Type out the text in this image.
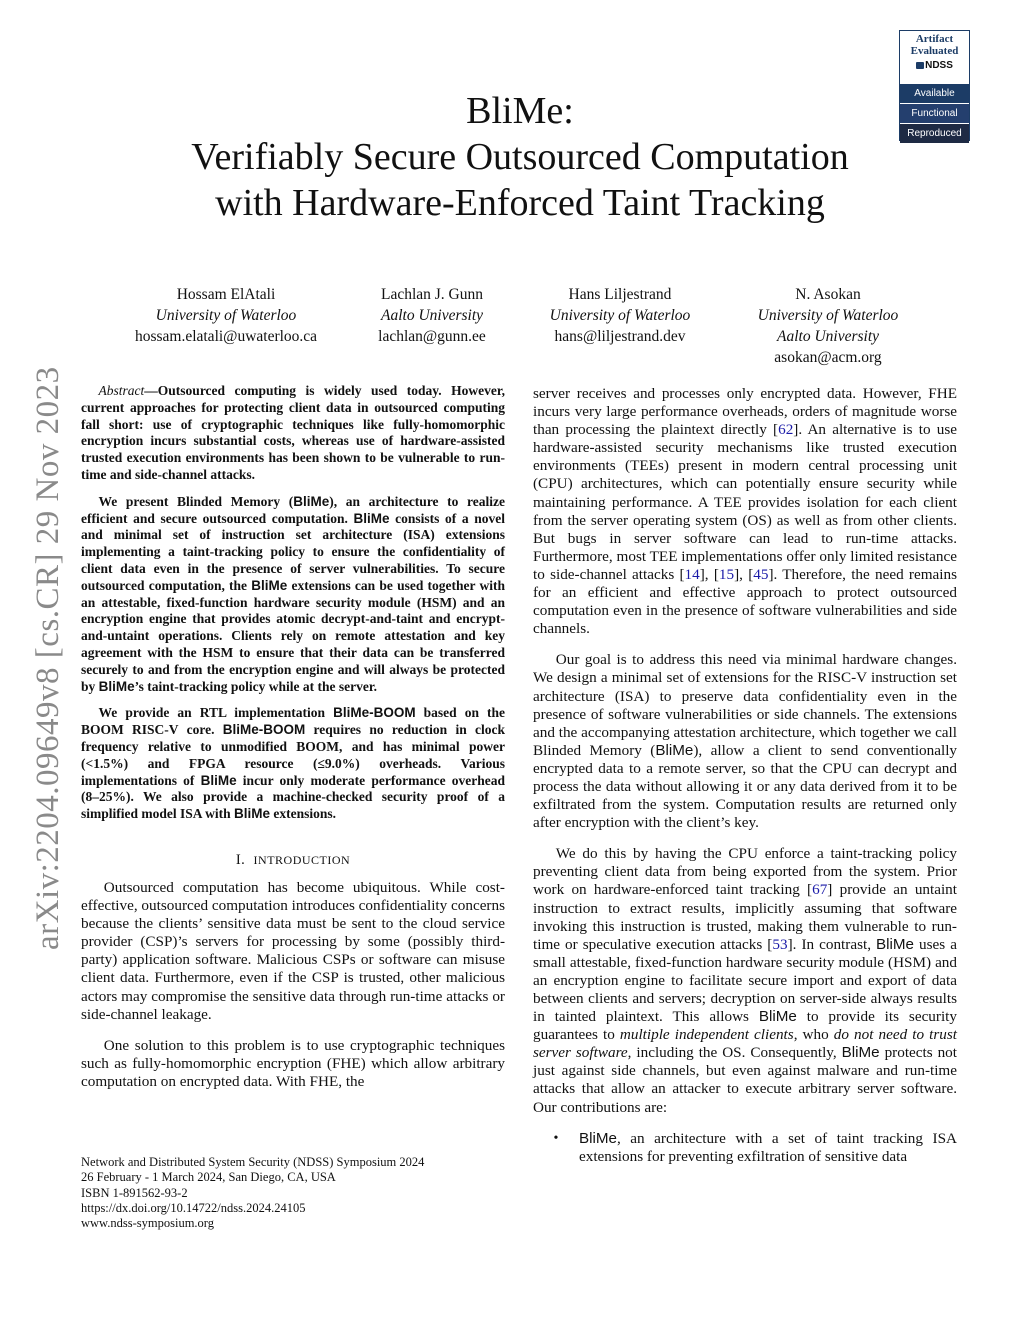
arXiv:2204.09649v8 [cs.CR] 29 Nov 2023
Artifact
Evaluated
NDSS
Available
Functional
Reproduced
BliMe:
Verifiably Secure Outsourced Computation
with Hardware-Enforced Taint Tracking
Hossam ElAtali
University of Waterloo
hossam.elatali@uwaterloo.ca
Lachlan J. Gunn
Aalto University
lachlan@gunn.ee
Hans Liljestrand
University of Waterloo
hans@liljestrand.dev
N. Asokan
University of Waterloo
Aalto University
asokan@acm.org

Abstract—Outsourced computing is widely used today. However, current approaches for protecting client data in outsourced computing fall short: use of cryptographic techniques like fully-homomorphic encryption incurs substantial costs, whereas use of hardware-assisted trusted execution environments has been shown to be vulnerable to run-time and side-channel attacks.

We present Blinded Memory (BliMe), an architecture to realize efficient and secure outsourced computation. BliMe consists of a novel and minimal set of instruction set architecture (ISA) extensions implementing a taint-tracking policy to ensure the confidentiality of client data even in the presence of server vulnerabilities. To secure outsourced computation, the BliMe extensions can be used together with an attestable, fixed-function hardware security module (HSM) and an encryption engine that provides atomic decrypt-and-taint and encrypt-and-untaint operations. Clients rely on remote attestation and key agreement with the HSM to ensure that their data can be transferred securely to and from the encryption engine and will always be protected by BliMe’s taint-tracking policy while at the server.

We provide an RTL implementation BliMe-BOOM based on the BOOM RISC-V core. BliMe-BOOM requires no reduction in clock frequency relative to unmodified BOOM, and has minimal power (<1.5%) and FPGA resource (≤9.0%) overheads. Various implementations of BliMe incur only moderate performance overhead (8–25%). We also provide a machine-checked security proof of a simplified model ISA with BliMe extensions.

I. INTRODUCTION

Outsourced computation has become ubiquitous. While cost-effective, outsourced computation introduces confidentiality concerns because the clients’ sensitive data must be sent to the cloud service provider (CSP)’s servers for processing by some (possibly third-party) application software. Malicious CSPs or software can misuse client data. Furthermore, even if the CSP is trusted, other malicious actors may compromise the sensitive data through run-time attacks or side-channel leakage.

One solution to this problem is to use cryptographic techniques such as fully-homomorphic encryption (FHE) which allow arbitrary computation on encrypted data. With FHE, the

server receives and processes only encrypted data. However, FHE incurs very large performance overheads, orders of magnitude worse than processing the plaintext directly [62]. An alternative is to use hardware-assisted security mechanisms like trusted execution environments (TEEs) present in modern central processing unit (CPU) architectures, which can potentially ensure security while maintaining performance. A TEE provides isolation for each client from the server operating system (OS) as well as from other clients. But bugs in server software can lead to run-time attacks. Furthermore, most TEE implementations offer only limited resistance to side-channel attacks [14], [15], [45]. Therefore, the need remains for an efficient and effective approach to protect outsourced computation even in the presence of software vulnerabilities and side channels.

Our goal is to address this need via minimal hardware changes. We design a minimal set of extensions for the RISC-V instruction set architecture (ISA) to preserve data confidentiality even in the presence of software vulnerabilities or side channels. The extensions and the accompanying attestation architecture, which together we call Blinded Memory (BliMe), allow a client to send conventionally encrypted data to a remote server, so that the CPU can decrypt and process the data without allowing it or any data derived from it to be exfiltrated from the system. Computation results are returned only after encryption with the client’s key.

We do this by having the CPU enforce a taint-tracking policy preventing client data from being exported from the system. Prior work on hardware-enforced taint tracking [67] provide an untaint instruction to extract results, implicitly assuming that software invoking this instruction is trusted, making them vulnerable to run-time or speculative execution attacks [53]. In contrast, BliMe uses a small attestable, fixed-function hardware security module (HSM) and an encryption engine to facilitate secure import and export of data between clients and servers; decryption on server-side always results in tainted plaintext. This allows BliMe to provide its security guarantees to multiple independent clients, who do not need to trust server software, including the OS. Consequently, BliMe protects not just against side channels, but even against malware and run-time attacks that allow an attacker to execute arbitrary server software. Our contributions are:

•	BliMe, an architecture with a set of taint tracking ISA extensions for preventing exfiltration of sensitive data
Network and Distributed System Security (NDSS) Symposium 2024
26 February - 1 March 2024, San Diego, CA, USA
ISBN 1-891562-93-2
https://dx.doi.org/10.14722/ndss.2024.24105
www.ndss-symposium.org
